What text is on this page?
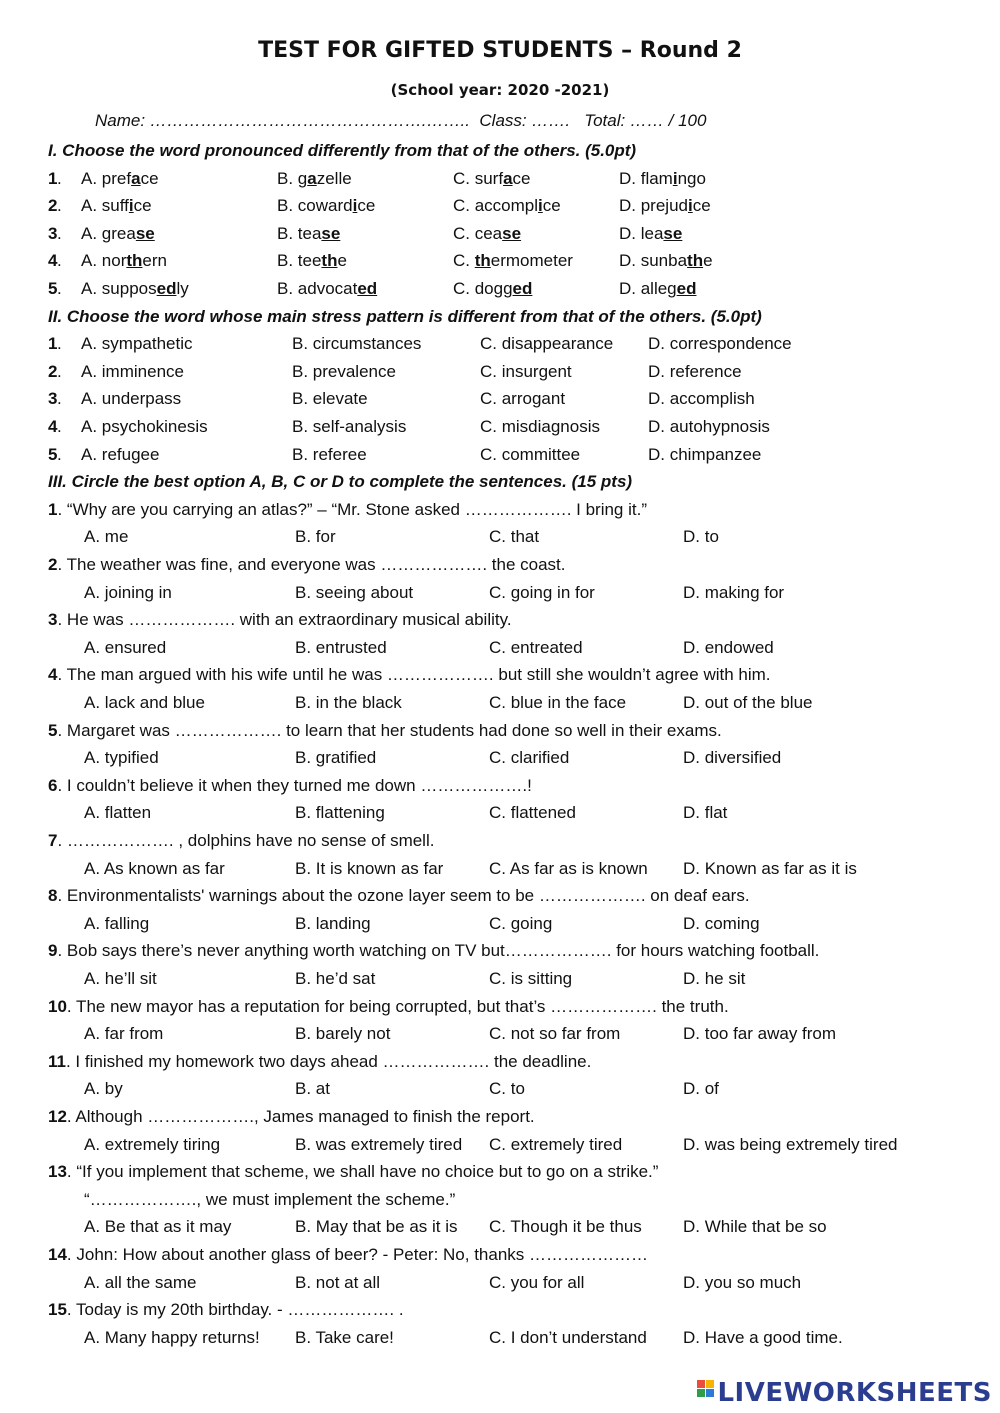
TEST FOR GIFTED STUDENTS – Round 2
(School year: 2020 -2021)
Name: ………………………………………….……..  Class: …….   Total: …… / 100
I. Choose the word pronounced differently from that of the others. (5.0pt)
1 . A. preface	B. gazelle	C. surface	D. flamingo
2 . A. suffice	B. cowardice	C. accomplice	D. prejudice
3 . A. grease	B. tease	C. cease	D. lease
4 . A. northern	B. teethe	C. thermometer	D. sunbathe
5 . A. supposedly	B. advocated	C. dogged	D. alleged
II. Choose the word whose main stress pattern is different from that of the others. (5.0pt)
1 . A. sympathetic	B. circumstances	C. disappearance D. correspondence
2 . A. imminence	B. prevalence	C. insurgent	D. reference
3 . A. underpass	B. elevate	C. arrogant	D. accomplish
4 . A. psychokinesis	B. self-analysis	C. misdiagnosis	D. autohypnosis
5 . A. refugee	B. referee	C. committee	D. chimpanzee
III. Circle the best option A, B, C or D to complete the sentences. (15 pts)
1. “Why are you carrying an atlas?” – “Mr. Stone asked ………………. I bring it.”
A. me	B. for	C. that	D. to
2. The weather was fine, and everyone was ………………. the coast.
A. joining in	B. seeing about	C. going in for	D. making for
3. He was ………………. with an extraordinary musical ability.
A. ensured	B. entrusted	C. entreated	D. endowed
4. The man argued with his wife until he was ………………. but still she wouldn’t agree with him.
A. lack and blue	B. in the black	C. blue in the face	D. out of the blue
5. Margaret was ………………. to learn that her students had done so well in their exams.
A. typified	B. gratified	C. clarified	D. diversified
6. I couldn’t believe it when they turned me down ……………….!
A. flatten	B. flattening	C. flattened	D. flat
7. ………………. , dolphins have no sense of smell.
A. As known as far	B. It is known as far	C. As far as is known D. Known as far as it is
8. Environmentalists' warnings about the ozone layer seem to be ………………. on deaf ears.
A. falling	B. landing	C. going	D. coming
9. Bob says there’s never anything worth watching on TV but………………. for hours watching football.
A. he’ll sit	B. he’d sat	C. is sitting	D. he sit
10. The new mayor has a reputation for being corrupted, but that’s ………………. the truth.
A. far from	B. barely not	C. not so far from	D. too far away from
11. I finished my homework two days ahead ………………. the deadline.
A. by	B. at	C. to	D. of
12. Although ………………., James managed to finish the report.
A. extremely tiring	B. was extremely tired C. extremely tired	D. was being extremely tired
13. “If you implement that scheme, we shall have no choice but to go on a strike.”
“………………., we must implement the scheme.”
A. Be that as it may	B. May that be as it is C. Though it be thus D. While that be so
14. John: How about another glass of beer? - Peter: No, thanks …………………
A. all the same	B. not at all	C. you for all	D. you so much
15. Today is my 20th birthday. - ………………. .
A. Many happy returns! B. Take care!	C. I don’t understand D. Have a good time.
LIVEWORKSHEETS
